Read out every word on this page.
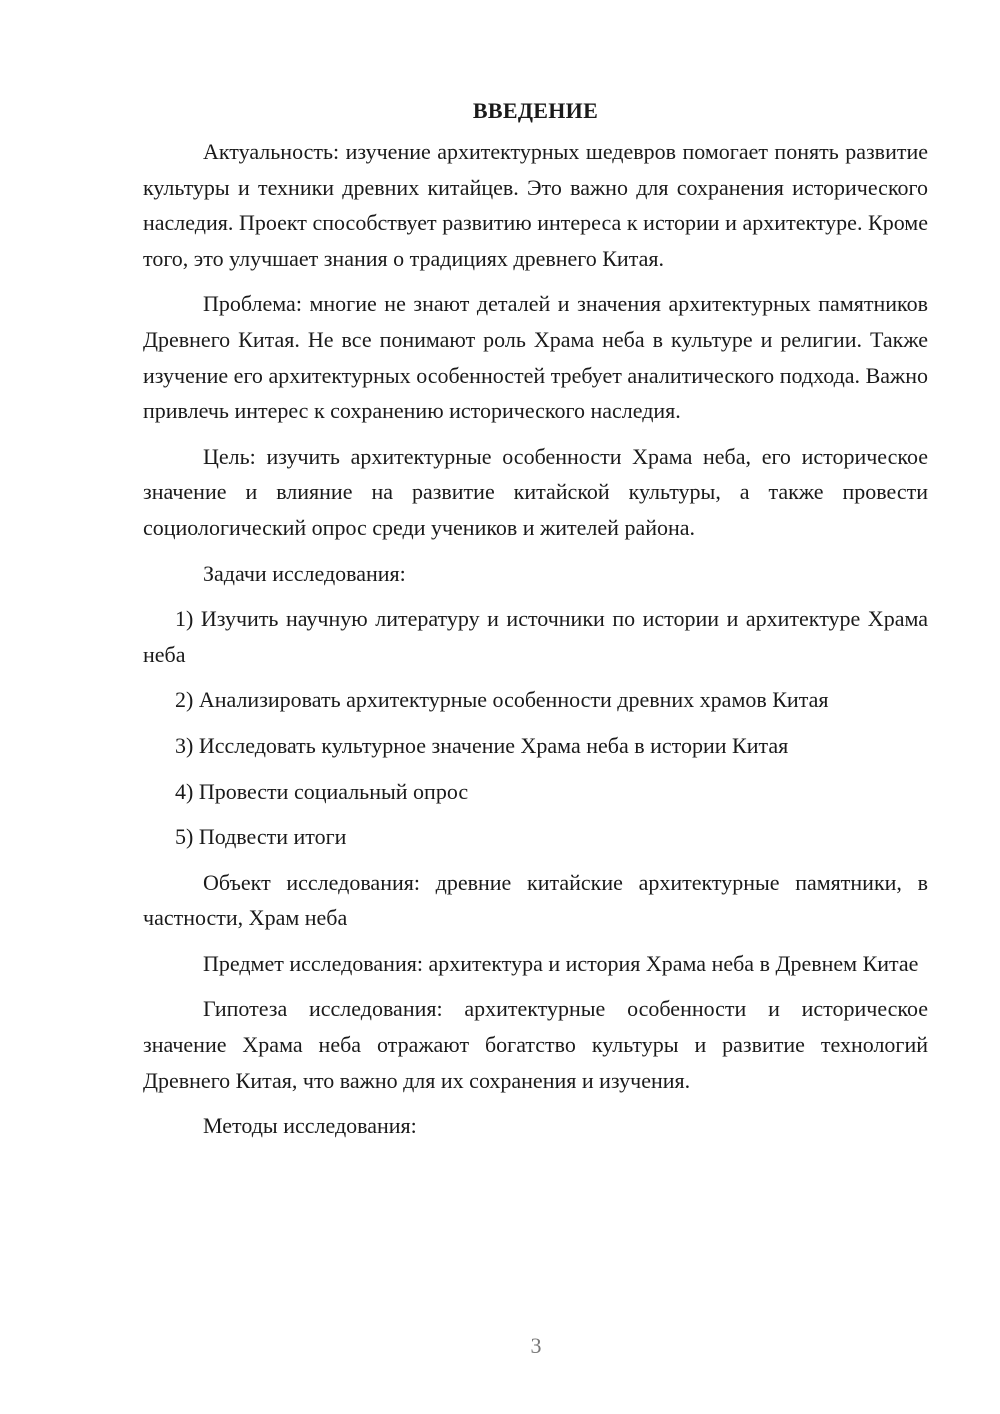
ВВЕДЕНИЕ

Актуальность: изучение архитектурных шедевров помогает понять развитие культуры и техники древних китайцев. Это важно для сохранения исторического наследия. Проект способствует развитию интереса к истории и архитектуре. Кроме того, это улучшает знания о традициях древнего Китая.

Проблема: многие не знают деталей и значения архитектурных памятников Древнего Китая. Не все понимают роль Храма неба в культуре и религии. Также изучение его архитектурных особенностей требует аналитического подхода. Важно привлечь интерес к сохранению исторического наследия.

Цель: изучить архитектурные особенности Храма неба, его историческое значение и влияние на развитие китайской культуры, а также провести социологический опрос среди учеников и жителей района.

Задачи исследования:

1) Изучить научную литературу и источники по истории и архитектуре Храма неба

2) Анализировать архитектурные особенности древних храмов Китая

3) Исследовать культурное значение Храма неба в истории Китая

4) Провести социальный опрос

5) Подвести итоги

Объект исследования: древние китайские архитектурные памятники, в частности, Храм неба

Предмет исследования: архитектура и история Храма неба в Древнем Китае

Гипотеза исследования: архитектурные особенности и историческое значение Храма неба отражают богатство культуры и развитие технологий Древнего Китая, что важно для их сохранения и изучения.

Методы исследования:

3
